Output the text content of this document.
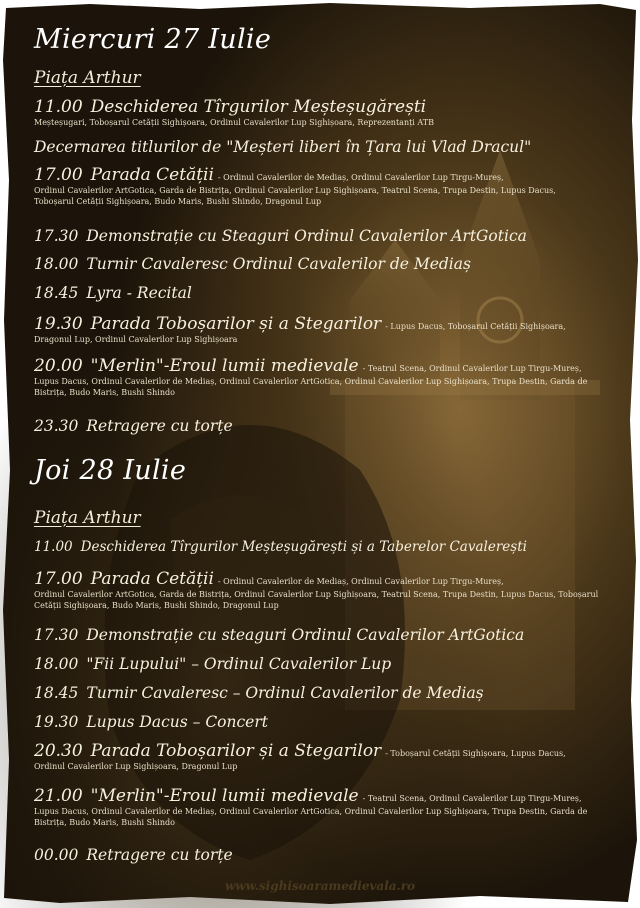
Miercuri 27 Iulie
Piața Arthur
11.00 Deschiderea Tîrgurilor Meșteșugărești
Meșteșugari, Toboșarul Cetății Sighișoara, Ordinul Cavalerilor Lup Sighișoara, Reprezentanți ATB
Decernarea titlurilor de "Meșteri liberi în Țara lui Vlad Dracul"
17.00 Parada Cetății - Ordinul Cavalerilor de Mediaș, Ordinul Cavalerilor Lup Tirgu-Mureș,
Ordinul Cavalerilor ArtGotica, Garda de Bistrița, Ordinul Cavalerilor Lup Sighișoara, Teatrul Scena, Trupa Destin, Lupus Dacus, Toboșarul Cetății Sighișoara, Budo Maris, Bushi Shindo, Dragonul Lup
17.30 Demonstrație cu Steaguri Ordinul Cavalerilor ArtGotica
18.00 Turnir Cavaleresc Ordinul Cavalerilor de Mediaș
18.45 Lyra - Recital
19.30 Parada Toboșarilor și a Stegarilor - Lupus Dacus, Toboșarul Cetății Sighișoara,
Dragonul Lup, Ordinul Cavalerilor Lup Sighișoara
20.00 "Merlin"-Eroul lumii medievale - Teatrul Scena, Ordinul Cavalerilor Lup Tirgu-Mureș,
Lupus Dacus, Ordinul Cavalerilor de Mediaș, Ordinul Cavalerilor ArtGotica, Ordinul Cavalerilor Lup Sighișoara, Trupa Destin, Garda de Bistrița, Budo Maris, Bushi Shindo
23.30 Retragere cu torțe
Joi 28 Iulie
Piața Arthur
11.00 Deschiderea Tîrgurilor Meșteșugărești și a Taberelor Cavalerești
17.00 Parada Cetății - Ordinul Cavalerilor de Mediaș, Ordinul Cavalerilor Lup Tirgu-Mureș,
Ordinul Cavalerilor ArtGotica, Garda de Bistrița, Ordinul Cavalerilor Lup Sighișoara, Teatrul Scena, Trupa Destin, Lupus Dacus, Toboșarul Cetății Sighișoara, Budo Maris, Bushi Shindo, Dragonul Lup
17.30 Demonstrație cu steaguri Ordinul Cavalerilor ArtGotica
18.00 "Fii Lupului" – Ordinul Cavalerilor Lup
18.45 Turnir Cavaleresc – Ordinul Cavalerilor de Mediaș
19.30 Lupus Dacus – Concert
20.30 Parada Toboșarilor și a Stegarilor - Toboșarul Cetății Sighișoara, Lupus Dacus,
Ordinul Cavalerilor Lup Sighișoara, Dragonul Lup
21.00 "Merlin"-Eroul lumii medievale - Teatrul Scena, Ordinul Cavalerilor Lup Tirgu-Mureș,
Lupus Dacus, Ordinul Cavalerilor de Mediaș, Ordinul Cavalerilor ArtGotica, Ordinul Cavalerilor Lup Sighișoara, Trupa Destin, Garda de Bistrița, Budo Maris, Bushi Shindo
00.00 Retragere cu torțe
www.sighisoaramedievala.ro
